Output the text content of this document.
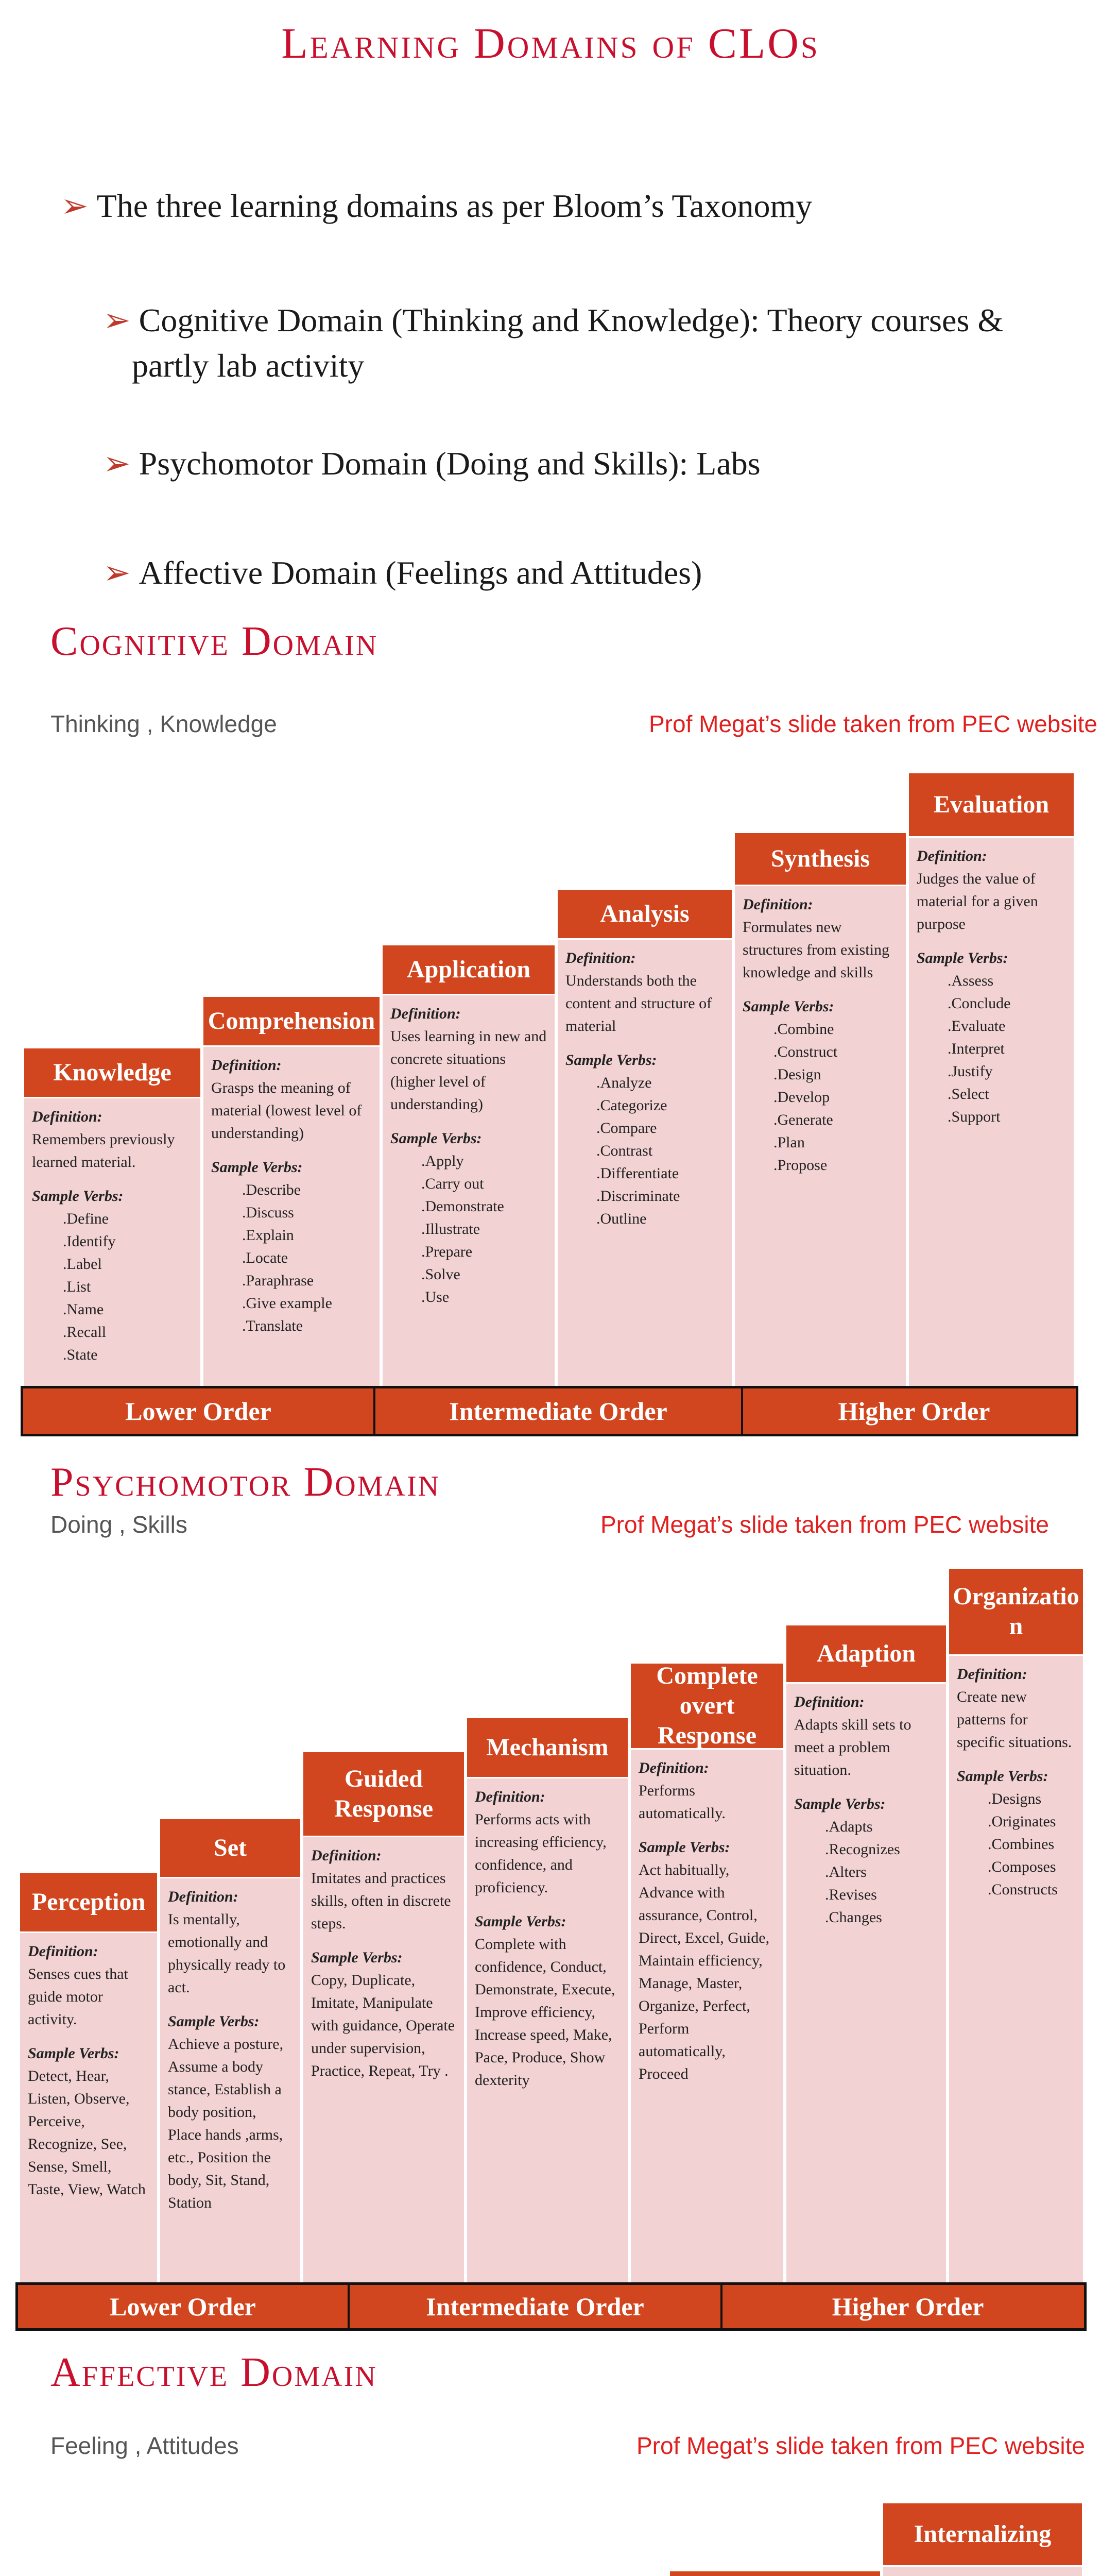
Learning Domains of CLOs
➢ The three learning domains as per Bloom’s Taxonomy
➢ Cognitive Domain (Thinking and Knowledge): Theory courses &
partly lab activity
➢ Psychomotor Domain (Doing and Skills): Labs
➢ Affective Domain (Feelings and Attitudes)
Cognitive Domain
Thinking , Knowledge	Prof Megat’s slide taken from PEC website
Psychomotor Domain
Doing , Skills	Prof Megat’s slide taken from PEC website
Affective Domain
Feeling , Attitudes	Prof Megat’s slide taken from PEC website
Knowledge
Definition:
Remembers previously learned material.
Sample Verbs:
. Define
. Identify
. Label
. List
. Name
. Recall
. State
Comprehension
Definition:
Grasps the meaning of material (lowest level of understanding)
Sample Verbs:
. Describe
. Discuss
. Explain
. Locate
. Paraphrase
. Give example
. Translate
Application
Definition:
Uses learning in new and concrete situations (higher level of understanding)
Sample Verbs:
. Apply
. Carry out
. Demonstrate
. Illustrate
. Prepare
. Solve
. Use
Analysis
Definition:
Understands both the content and structure of material
Sample Verbs:
. Analyze
. Categorize
. Compare
. Contrast
. Differentiate
. Discriminate
. Outline
Synthesis
Definition:
Formulates new structures from existing knowledge and skills
Sample Verbs:
. Combine
. Construct
. Design
. Develop
. Generate
. Plan
. Propose
Evaluation
Definition:
Judges the value of material for a given purpose
Sample Verbs:
. Assess
. Conclude
. Evaluate
. Interpret
. Justify
. Select
. Support
Lower Order	Intermediate Order	Higher Order
Perception
Definition:
Senses cues that guide motor activity.
Sample Verbs:
Detect, Hear, Listen, Observe, Perceive, Recognize, See, Sense, Smell, Taste, View, Watch
Set
Definition:
Is mentally, emotionally and physically ready to act.
Sample Verbs:
Achieve a posture, Assume a body stance, Establish a body position, Place hands ,arms, etc., Position the body, Sit, Stand, Station
Guided Response
Definition:
Imitates and practices skills, often in discrete steps.
Sample Verbs:
Copy, Duplicate, Imitate, Manipulate with guidance, Operate under supervision, Practice, Repeat, Try .
Mechanism
Definition:
Performs acts with increasing efficiency, confidence, and proficiency.
Sample Verbs:
Complete with confidence, Conduct, Demonstrate, Execute, Improve efficiency, Increase speed, Make, Pace, Produce, Show dexterity
Complete overt Response
Definition:
Performs automatically.
Sample Verbs:
Act habitually, Advance with assurance, Control, Direct, Excel, Guide, Maintain efficiency, Manage, Master, Organize, Perfect, Perform automatically, Proceed
Adaption
Definition:
Adapts skill sets to meet a problem situation.
Sample Verbs:
. Adapts .Recognizes
. Alters
. Revises
. Changes
Organizatio n
Definition:
Create new patterns for specific situations.
Sample Verbs:
. Designs
. Originates
. Combines
. Composes
. Constructs
Lower Order	Intermediate Order	Higher Order
Internalizing
